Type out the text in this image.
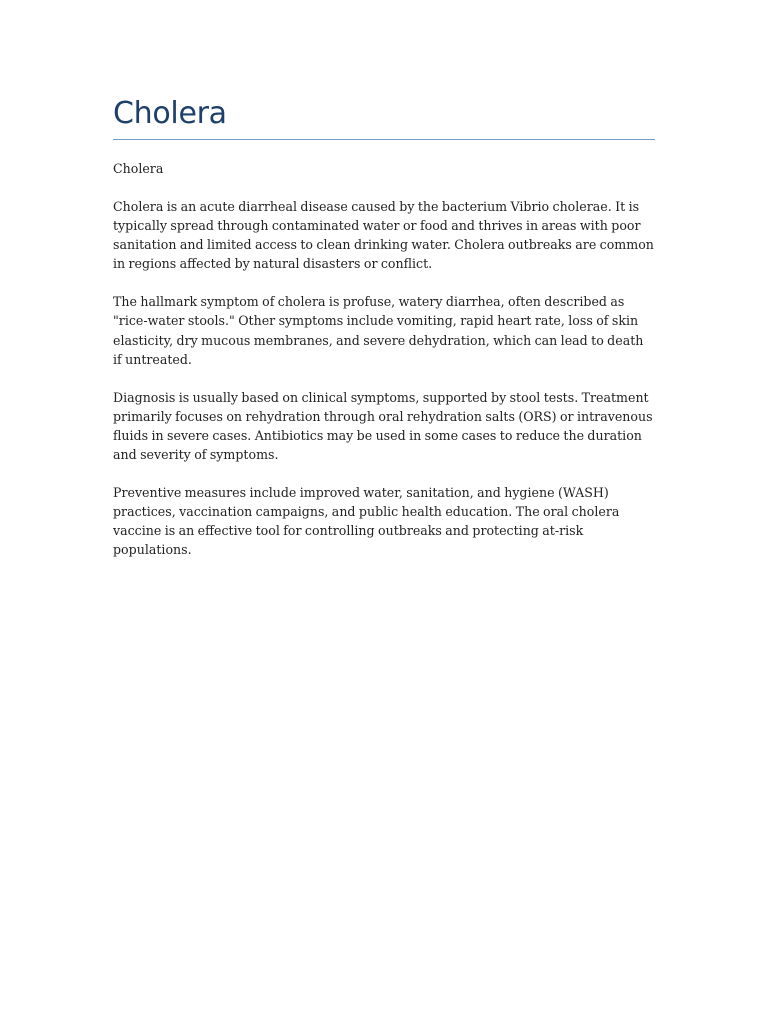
Cholera

Cholera

Cholera is an acute diarrheal disease caused by the bacterium Vibrio cholerae. It is typically spread through contaminated water or food and thrives in areas with poor sanitation and limited access to clean drinking water. Cholera outbreaks are common in regions affected by natural disasters or conflict.

The hallmark symptom of cholera is profuse, watery diarrhea, often described as "rice-water stools." Other symptoms include vomiting, rapid heart rate, loss of skin elasticity, dry mucous membranes, and severe dehydration, which can lead to death if untreated.

Diagnosis is usually based on clinical symptoms, supported by stool tests. Treatment primarily focuses on rehydration through oral rehydration salts (ORS) or intravenous fluids in severe cases. Antibiotics may be used in some cases to reduce the duration and severity of symptoms.

Preventive measures include improved water, sanitation, and hygiene (WASH) practices, vaccination campaigns, and public health education. The oral cholera vaccine is an effective tool for controlling outbreaks and protecting at-risk populations.
